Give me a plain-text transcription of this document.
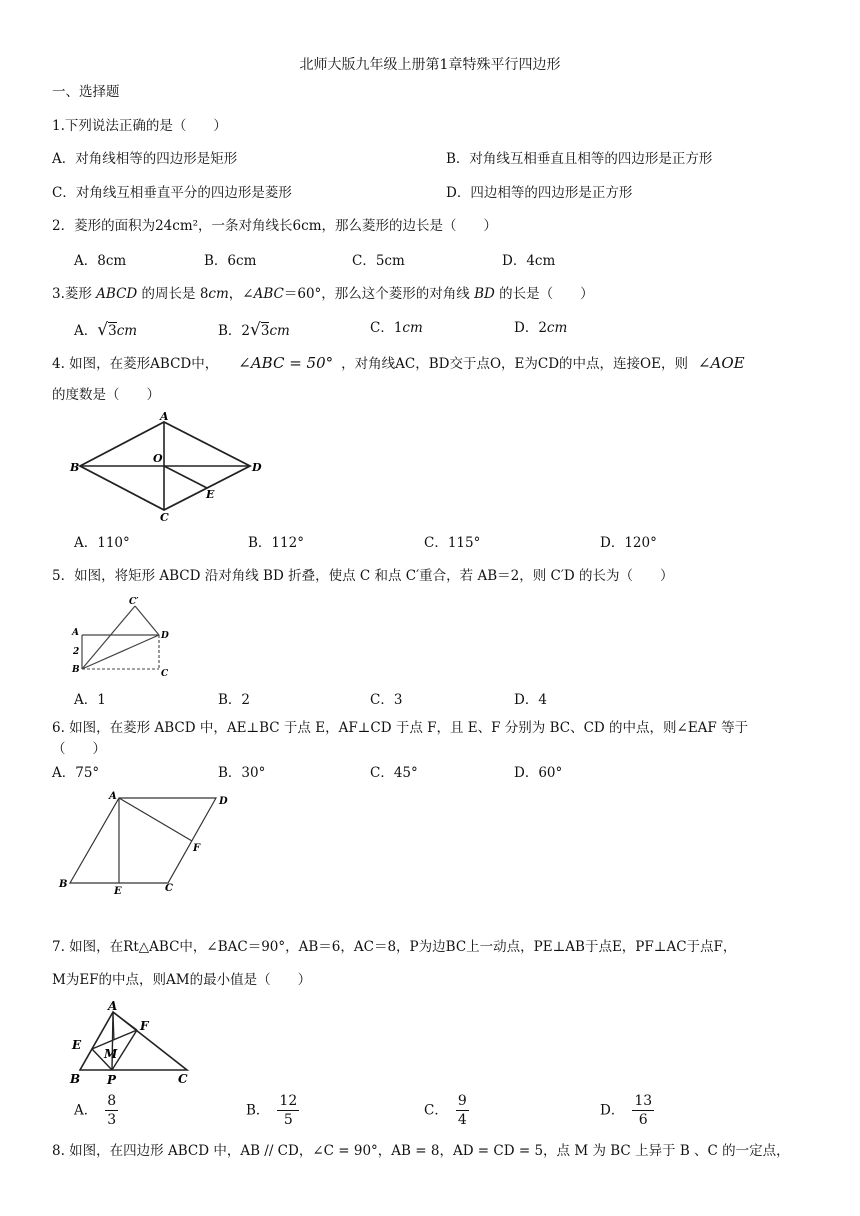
北师大版九年级上册第1章特殊平行四边形
一、选择题
1.下列说法正确的是（　　）
A．对角线相等的四边形是矩形	B．对角线互相垂直且相等的四边形是正方形
C．对角线互相垂直平分的四边形是菱形	D．四边相等的四边形是正方形
2．菱形的面积为24cm²，一条对角线长6cm，那么菱形的边长是（　　）
A．8cm	B．6cm	C．5cm	D．4cm
3.菱形 ABCD 的周长是 8cm，∠ABC＝60°，那么这个菱形的对角线 BD 的长是（　　）
A．√3cm	B．2√3cm	C．1cm	D．2cm
4. 如图，在菱形ABCD中， ∠ABC = 50° ，对角线AC，BD交于点O，E为CD的中点，连接OE，则 ∠AOE
的度数是（　　）
A
B
C
D
O
E
A．110°	B．112°	C．115°	D．120°
5．如图，将矩形 ABCD 沿对角线 BD 折叠，使点 C 和点 C′重合，若 AB＝2，则 C′D 的长为（　　）
A
B	C
D
C′
2
A．1	B．2	C．3	D．4
6. 如图，在菱形 ABCD 中，AE⊥BC 于点 E，AF⊥CD 于点 F，且 E、F 分别为 BC、CD 的中点，则∠EAF 等于
（　　）
A．75°	B．30°	C．45°	D．60°
A
B	C
D
E
F
7. 如图，在Rt△ABC中，∠BAC＝90°，AB＝6，AC＝8，P为边BC上一动点，PE⊥AB于点E，PF⊥AC于点F，
M为EF的中点，则AM的最小值是（　　）
A
B	C
E
F
M
P
A． $\frac{8}{3}$	B． $\frac{12}{5}$	C． $\frac{9}{4}$	D． $\frac{13}{6}$
8. 如图，在四边形 ABCD 中，AB // CD，∠C = 90°，AB = 8，AD = CD = 5，点 M 为 BC 上异于 B 、C 的一定点，
